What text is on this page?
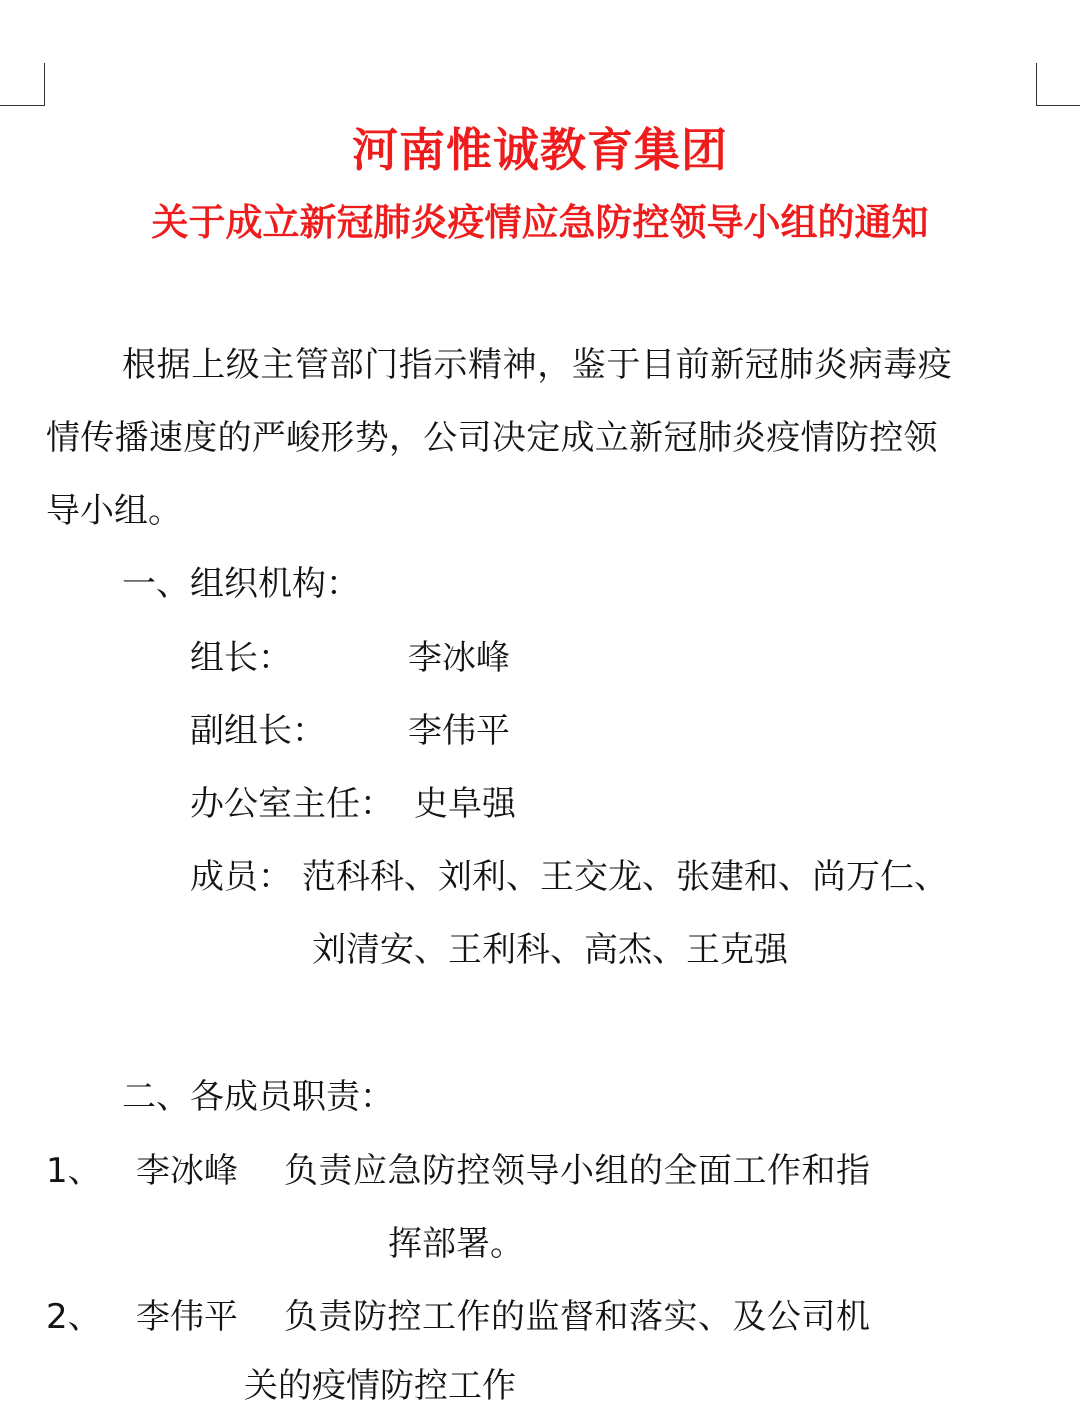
河南惟诚教育集团
关于成立新冠肺炎疫情应急防控领导小组的通知

根据上级主管部门指示精神，鉴于目前新冠肺炎病毒疫

情传播速度的严峻形势，公司决定成立新冠肺炎疫情防控领

导小组。

一、组织机构：

组长：	李冰峰
副组长： 李伟平
办公室主任： 史阜强
成员： 范科科、刘利、王交龙、张建和、尚万仁、
刘清安、王利科、高杰、王克强

二、各成员职责：

1、 李冰峰 负责应急防控领导小组的全面工作和指
挥部署。
2、 李伟平 负责防控工作的监督和落实、及公司机
关的疫情防控工作
